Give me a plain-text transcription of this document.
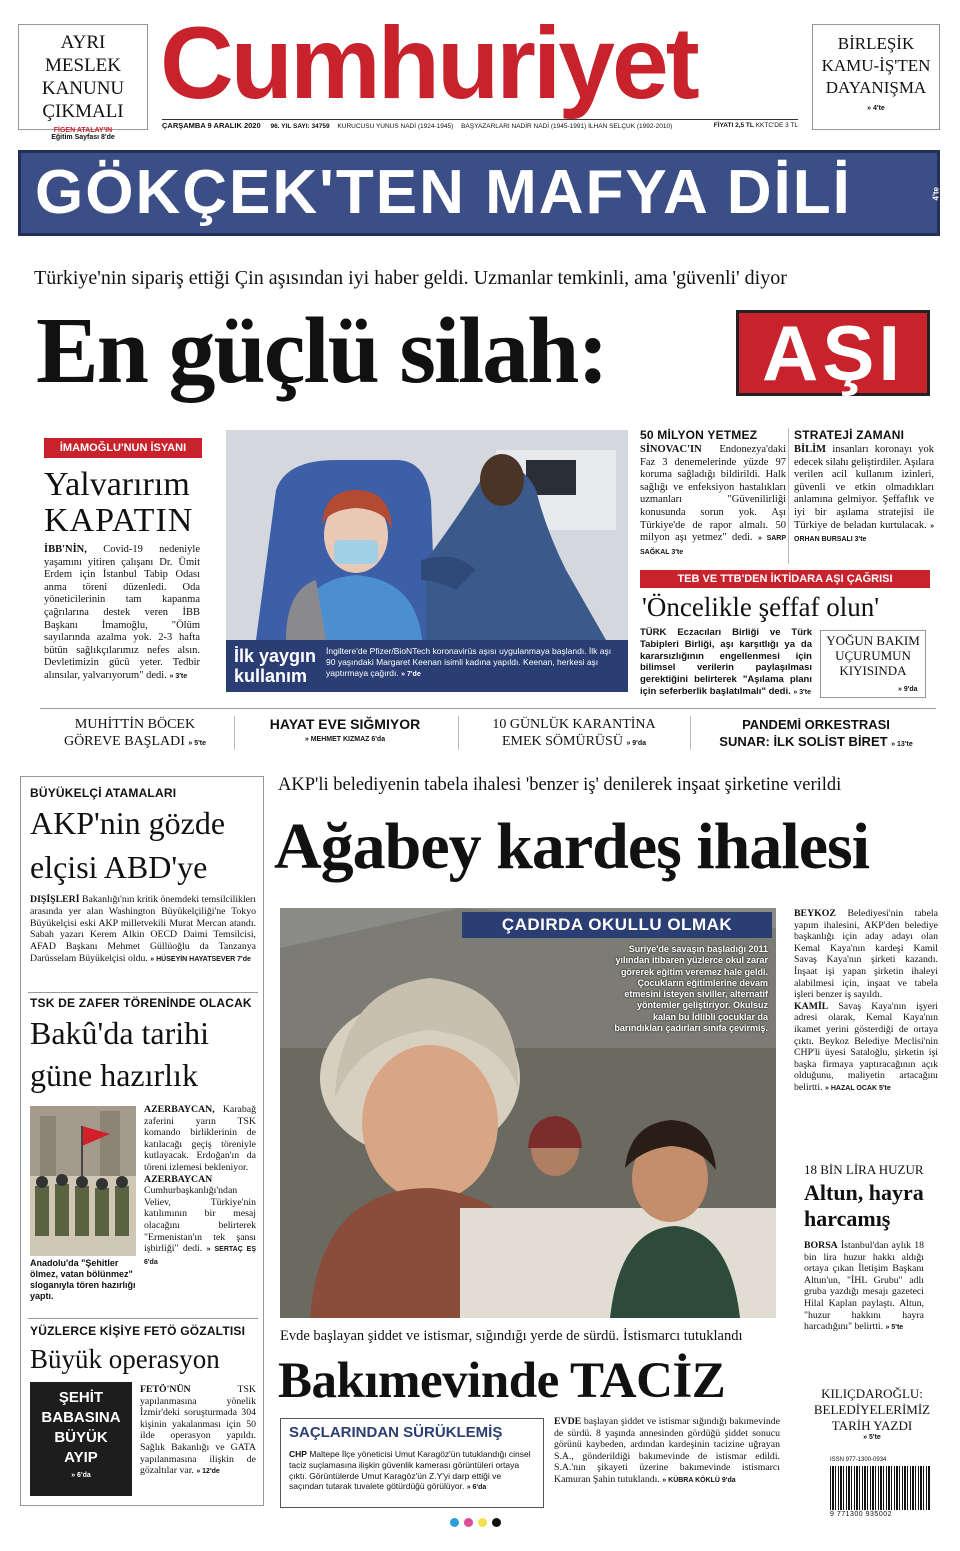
AYRI MESLEK KANUNU ÇIKMALI
FİGEN ATALAY'IN
Eğitim Sayfası 8'de
Cumhuriyet	BİRLEŞİK KAMU-İŞ'TEN DAYANIŞMA
» 4'te
ÇARŞAMBA 9 ARALIK 2020 96. YIL SAYI: 34759 KURUCUSU YUNUS NADİ (1924-1945) BAŞYAZARLARI NADİR NADİ (1945-1991) İLHAN SELÇUK (1992-2010)	FİYATI 2,5 TL KKTC'DE 3 TL
GÖKÇEK'TEN MAFYA DİLİ	4'te
Türkiye'nin sipariş ettiği Çin aşısından iyi haber geldi. Uzmanlar temkinli, ama 'güvenli' diyor
En güçlü silah: AŞI
İMAMOĞLU'NUN İSYANI
Yalvarırım
KAPATIN
İBB'NİN, Covid-19 nedeniyle yaşamını yitiren çalışanı Dr. Ümit Erdem için İstanbul Tabip Odası anma töreni düzenledi. Oda yöneticilerinin tam kapanma çağrılarına destek veren İBB Başkanı İmamoğlu, "Ölüm sayılarında azalma yok. 2-3 hafta bütün sağlıkçılarımız nefes alsın. Devletimizin gücü yeter. Tedbir alınsılar, yalvarıyorum" dedi. » 3'te
İlk yaygın
kullanım
İngiltere'de Pfizer/BioNTech koronavirüs aşısı uygulanmaya başlandı. İlk aşı 90 yaşındaki Margaret Keenan isimli kadına yapıldı. Keenan, herkesi aşı yaptırmaya çağırdı. » 7'de
50 MİLYON YETMEZ
SİNOVAC'IN Endonezya'daki Faz 3 denemelerinde yüzde 97 koruma sağladığı bildirildi. Halk sağlığı ve enfeksiyon hastalıkları uzmanları "Güvenilirliği konusunda sorun yok. Aşı Türkiye'de de rapor almalı. 50 milyon aşı yetmez" dedi. » SARP SAĞKAL 3'te
STRATEJİ ZAMANI
BİLİM insanları koronayı yok edecek silahı geliştirdiler. Aşılara verilen acil kullanım izinleri, güvenli ve etkin olmadıkları anlamına gelmiyor. Şeffaflık ve iyi bir aşılama stratejisi ile Türkiye de beladan kurtulacak. » ORHAN BURSALI 3'te
TEB VE TTB'DEN İKTİDARA AŞI ÇAĞRISI
'Öncelikle şeffaf olun'
TÜRK Eczacıları Birliği ve Türk Tabipleri Birliği, aşı karşıtlığı ya da kararsızlığının engellenmesi için bilimsel verilerin paylaşılması gerektiğini belirterek "Aşılama planı için seferberlik başlatılmalı" dedi. » 3'te
YOĞUN BAKIM UÇURUMUN KIYISINDA
» 9'da
MUHİTTİN BÖCEK
GÖREVE BAŞLADI » 5'te
HAYAT EVE SIĞMIYOR
» MEHMET KIZMAZ 6'da
10 GÜNLÜK KARANTİNA
EMEK SÖMÜRÜSÜ » 9'da
PANDEMİ ORKESTRASI
SUNAR: İLK SOLİST BİRET » 13'te
BÜYÜKELÇİ ATAMALARI
AKP'nin gözde
elçisi ABD'ye
DIŞİŞLERİ Bakanlığı'nın kritik önemdeki temsilciliklerı arasında yer alan Washington Büyükelçiliği'ne Tokyo Büyükelçisi eski AKP milletvekili Murat Mercan atandı. Sabah yazarı Kerem Alkin OECD Daimi Temsilcisi, AFAD Başkanı Mehmet Güllüoğlu da Tanzanya Darüsselam Büyükelçisi oldu. » HÜSEYİN HAYATSEVER 7'de
TSK DE ZAFER TÖRENİNDE OLACAK
Bakû'da tarihi
güne hazırlık
Anadolu'da "Şehitler ölmez, vatan bölünmez" sloganıyla tören hazırlığı yaptı.
AZERBAYCAN, Karabağ zaferini yarın TSK komando birliklerinin de katılacağı geçiş töreniyle kutlayacak. Erdoğan'ın da töreni izlemesi bekleniyor.
AZERBAYCAN Cumhurbaşkanlığı'ndan Veliev, Türkiye'nin katılımının bir mesaj olacağını belirterek "Ermenistan'ın tek şansı işbirliği" dedi. » SERTAÇ EŞ 6'da
YÜZLERCE KİŞİYE FETÖ GÖZALTISI
Büyük operasyon
ŞEHİT
BABASINA
BÜYÜK
AYIP
» 6'da
FETÖ'NÜN	TSK yapılanmasına yönelik İzmir'deki soruşturmada 304 kişinin yakalanması için 50 ilde operasyon yapıldı. Sağlık Bakanlığı ve GATA yapılanmasına ilişkin de gözaltılar var. » 12'de
AKP'li belediyenin tabela ihalesi 'benzer iş' denilerek inşaat şirketine verildi
Ağabey kardeş ihalesi
ÇADIRDA OKULLU OLMAK
Suriye'de savaşın başladığı 2011 yılından itibaren yüzlerce okul zarar görerek eğitim veremez hale geldi. Çocukların eğitimlerine devam etmesini isteyen siviller, alternatif yöntemler geliştiriyor. Okulsuz kalan bu İdlibli çocuklar da barındıkları çadırları sınıfa çevirmiş.
BEYKOZ Belediyesi'nin tabela yapım ihalesini, AKP'den belediye başkanlığı için aday adayı olan Kemal Kaya'nın kardeşi Kamil Savaş Kaya'nın şirketi kazandı. İnşaat işi yapan şirketin ihaleyi alabilmesi için, inşaat ve tabela işleri benzer iş sayıldı.
KAMİL Savaş Kaya'nın işyeri adresi olarak, Kemal Kaya'nın ikamet yerini gösterdiği de ortaya çıktı. Beykoz Belediye Meclisi'nin CHP'li üyesi Sataloğlu, şirketin işi başka firmaya yaptıracağının açık olduğunu, maliyetin artacağını belirtti. » HAZAL OCAK 5'te
18 BİN LİRA HUZUR
Altun, hayra
harcamış
BORSA İstanbul'dan aylık 18 bin lira huzur hakkı aldığı ortaya çıkan İletişim Başkanı Altun'un, "İHL Grubu" adlı gruba yazdığı mesajı gazeteci Hilal Kaplan paylaştı. Altun, "huzur hakkını hayra harcadığını" belirtti. » 5'te
KILIÇDAROĞLU: BELEDİYELERİMİZ TARİH YAZDI
» 5'te
ISSN 977-1300-0934
9 771300 935002
Evde başlayan şiddet ve istismar, sığındığı yerde de sürdü. İstismarcı tutuklandı
Bakımevinde TACİZ
SAÇLARINDAN SÜRÜKLEMİŞ
CHP Maltepe İlçe yöneticisi Umut Karagöz'ün tutuklandığı cinsel taciz suçlamasına ilişkin güvenlik kamerası görüntüleri ortaya çıktı. Görüntülerde Umut Karagöz'ün Z.Y'yi darp ettiği ve saçından tutarak tuvalete götürdüğü görülüyor. » 6'da
EVDE başlayan şiddet ve istismar sığındığı bakımevinde de sürdü. 8 yaşında annesinden gördüğü şiddet sonucu görünü kaybeden, ardından kardeşinin tacizine uğrayan S.A., gönderildiği bakımevinde de istismar edildi. S.A.'nın şikayeti üzerine bakımevinde istismarcı Kamuran Şahin tutuklandı. » KÜBRA KÖKLÜ 9'da
